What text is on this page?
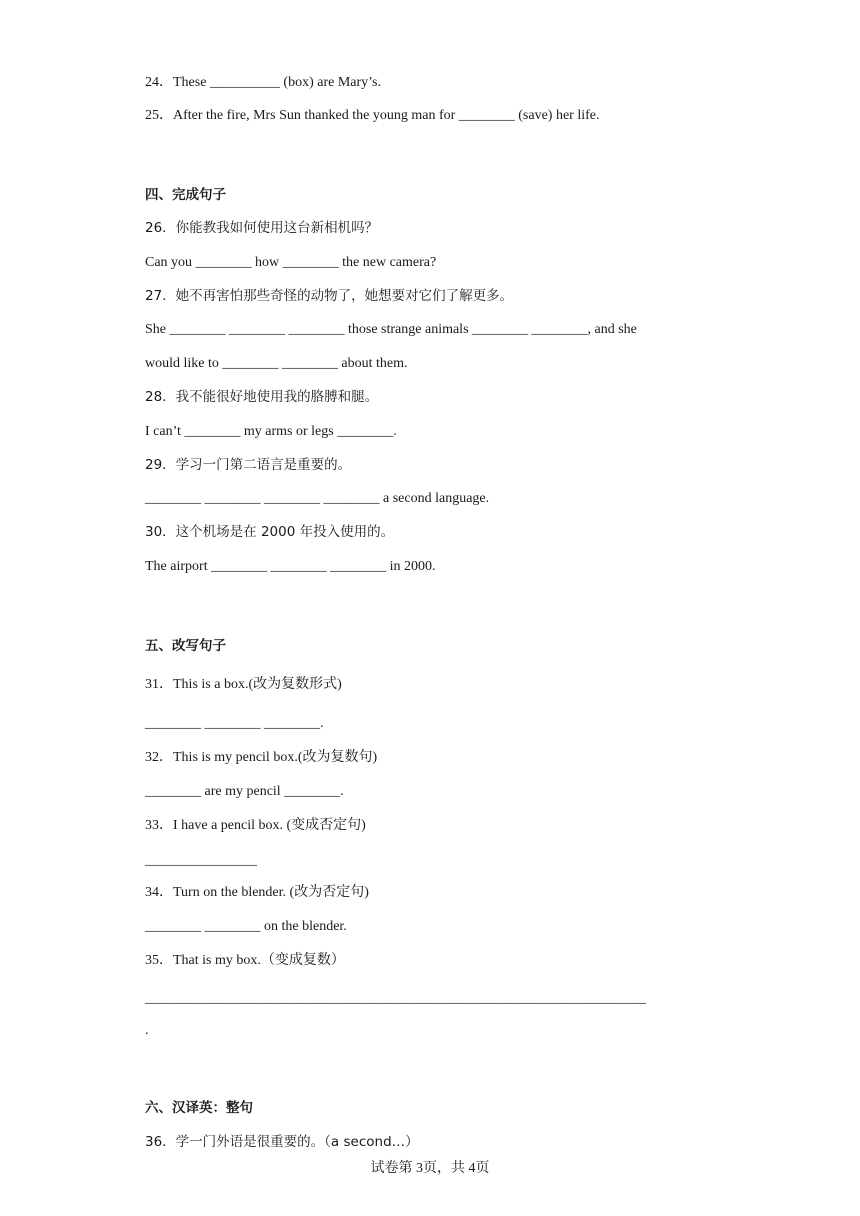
24．These __________ (box) are Mary’s.
25．After the fire, Mrs Sun thanked the young man for ________ (save) her life.
四、完成句子
26．你能教我如何使用这台新相机吗？
Can you ________ how ________ the new camera?
27．她不再害怕那些奇怪的动物了，她想要对它们了解更多。
She ________ ________ ________ those strange animals ________ ________, and she
would like to ________ ________ about them.
28．我不能很好地使用我的胳膊和腿。
I can’t ________ my arms or legs ________.
29．学习一门第二语言是重要的。
________ ________ ________ ________ a second language.
30．这个机场是在 2000 年投入使用的。
The airport ________ ________ ________ in 2000.
五、改写句子
31．This is a box.(改为复数形式)
________ ________ ________.
32．This is my pencil box.(改为复数句)
________ are my pencil ________.
33．I have a pencil box. (变成否定句)
________________
34．Turn on the blender. (改为否定句)
________ ________ on the blender.
35．That is my box.（变成复数）
____________________________________________________________________________
.
六、汉译英：整句
36．学一门外语是很重要的。（a second…）
试卷第 3页，共 4页
